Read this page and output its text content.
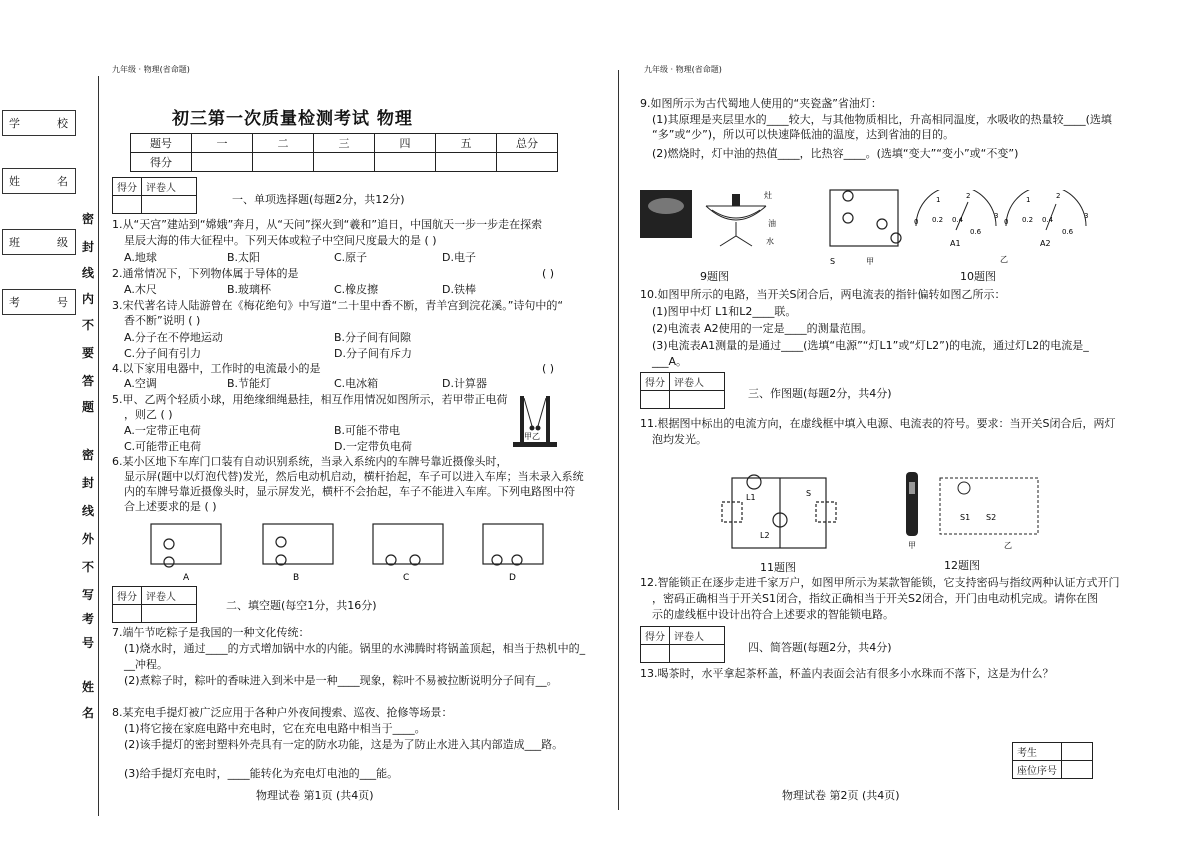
九年级 · 物理(省命题)
学	校
姓	名
班	级
考	号
密
封
线
内
不
要
答
题
密
封
线
外
不
写
考
号
姓
名
初三第一次质量检测考试 物理
题号	一	二	三	四	五	总分
得分						
得分	评卷人

一、单项选择题(每题2分，共12分)
1.从“天宫”建站到“嫦娥”奔月，从“天问”探火到“羲和”追日，中国航天一步一步走在探索
星辰大海的伟大征程中。下列天体或粒子中空间尺度最大的是 ( )
A.地球	B.太阳	C.原子	D.电子
2.通常情况下，下列物体属于导体的是	( )
A.木尺	B.玻璃杯	C.橡皮擦	D.铁棒
3.宋代著名诗人陆游曾在《梅花绝句》中写道“二十里中香不断，青羊宫到浣花溪。”诗句中的“
香不断”说明 ( )
A.分子在不停地运动	B.分子间有间隙
C.分子间有引力	D.分子间有斥力
4.以下家用电器中，工作时的电流最小的是	( )
A.空调	B.节能灯	C.电冰箱	D.计算器
5.甲、乙两个轻质小球，用绝缘细绳悬挂，相互作用情况如图所示，若甲带正电荷
，则乙 ( )
A.一定带正电荷	B.可能不带电
C.可能带正电荷	D.一定带负电荷
甲乙
6.某小区地下车库门口装有自动识别系统，当录入系统内的车牌号靠近摄像头时，
显示屏(题中以灯泡代替)发光，然后电动机启动，横杆抬起，车子可以进入车库；当未录入系统
内的车牌号靠近摄像头时，显示屏发光，横杆不会抬起，车子不能进入车库。下列电路图中符
合上述要求的是 ( )
A	B	C	D
得分	评卷人

二、填空题(每空1分，共16分)
7.端午节吃粽子是我国的一种文化传统：
(1)烧水时，通过____的方式增加锅中水的内能。锅里的水沸腾时将锅盖顶起，相当于热机中的_
__冲程。
(2)煮粽子时，粽叶的香味进入到米中是一种____现象，粽叶不易被拉断说明分子间有__。
8.某充电手提灯被广泛应用于各种户外夜间搜索、巡夜、抢修等场景：
(1)将它接在家庭电路中充电时，它在充电电路中相当于____。
(2)该手提灯的密封塑料外壳具有一定的防水功能，这是为了防止水进入其内部造成___路。
(3)给手提灯充电时，____能转化为充电灯电池的___能。
物理试卷 第1页 (共4页)
九年级 · 物理(省命题)
9.如图所示为古代蜀地人使用的“夹瓷盏”省油灯：
(1)其原理是夹层里水的____较大，与其他物质相比，升高相同温度，水吸收的热量较____(选填
“多”或“少”)，所以可以快速降低油的温度，达到省油的目的。
(2)燃烧时，灯中油的热值____，比热容____。(选填“变大”“变小”或“不变”)
灶
油
水
S	甲
0
1	2
3
0.2 0.4
0.6
0
1	2
3
0.2 0.4
0.6
A1	A2
乙
9题图	10题图
10.如图甲所示的电路，当开关S闭合后，两电流表的指针偏转如图乙所示：
(1)图甲中灯 L1和L2____联。
(2)电流表 A2使用的一定是____的测量范围。
(3)电流表A1测量的是通过____(选填“电源”“灯L1”或“灯L2”)的电流，通过灯L2的电流是_
___A。
得分	评卷人

三、作图题(每题2分，共4分)
11.根据图中标出的电流方向，在虚线框中填入电源、电流表的符号。要求：当开关S闭合后，两灯
泡均发光。
L1
L2
S
甲
S1 S2
乙
11题图	12题图
12.智能锁正在逐步走进千家万户，如图甲所示为某款智能锁，它支持密码与指纹两种认证方式开门
，密码正确相当于开关S1闭合，指纹正确相当于开关S2闭合，开门由电动机完成。请你在图
示的虚线框中设计出符合上述要求的智能锁电路。
得分	评卷人

四、简答题(每题2分，共4分)
13.喝茶时，水平拿起茶杯盖，杯盖内表面会沾有很多小水珠而不落下，这是为什么？
考生	
座位序号	
物理试卷 第2页 (共4页)
